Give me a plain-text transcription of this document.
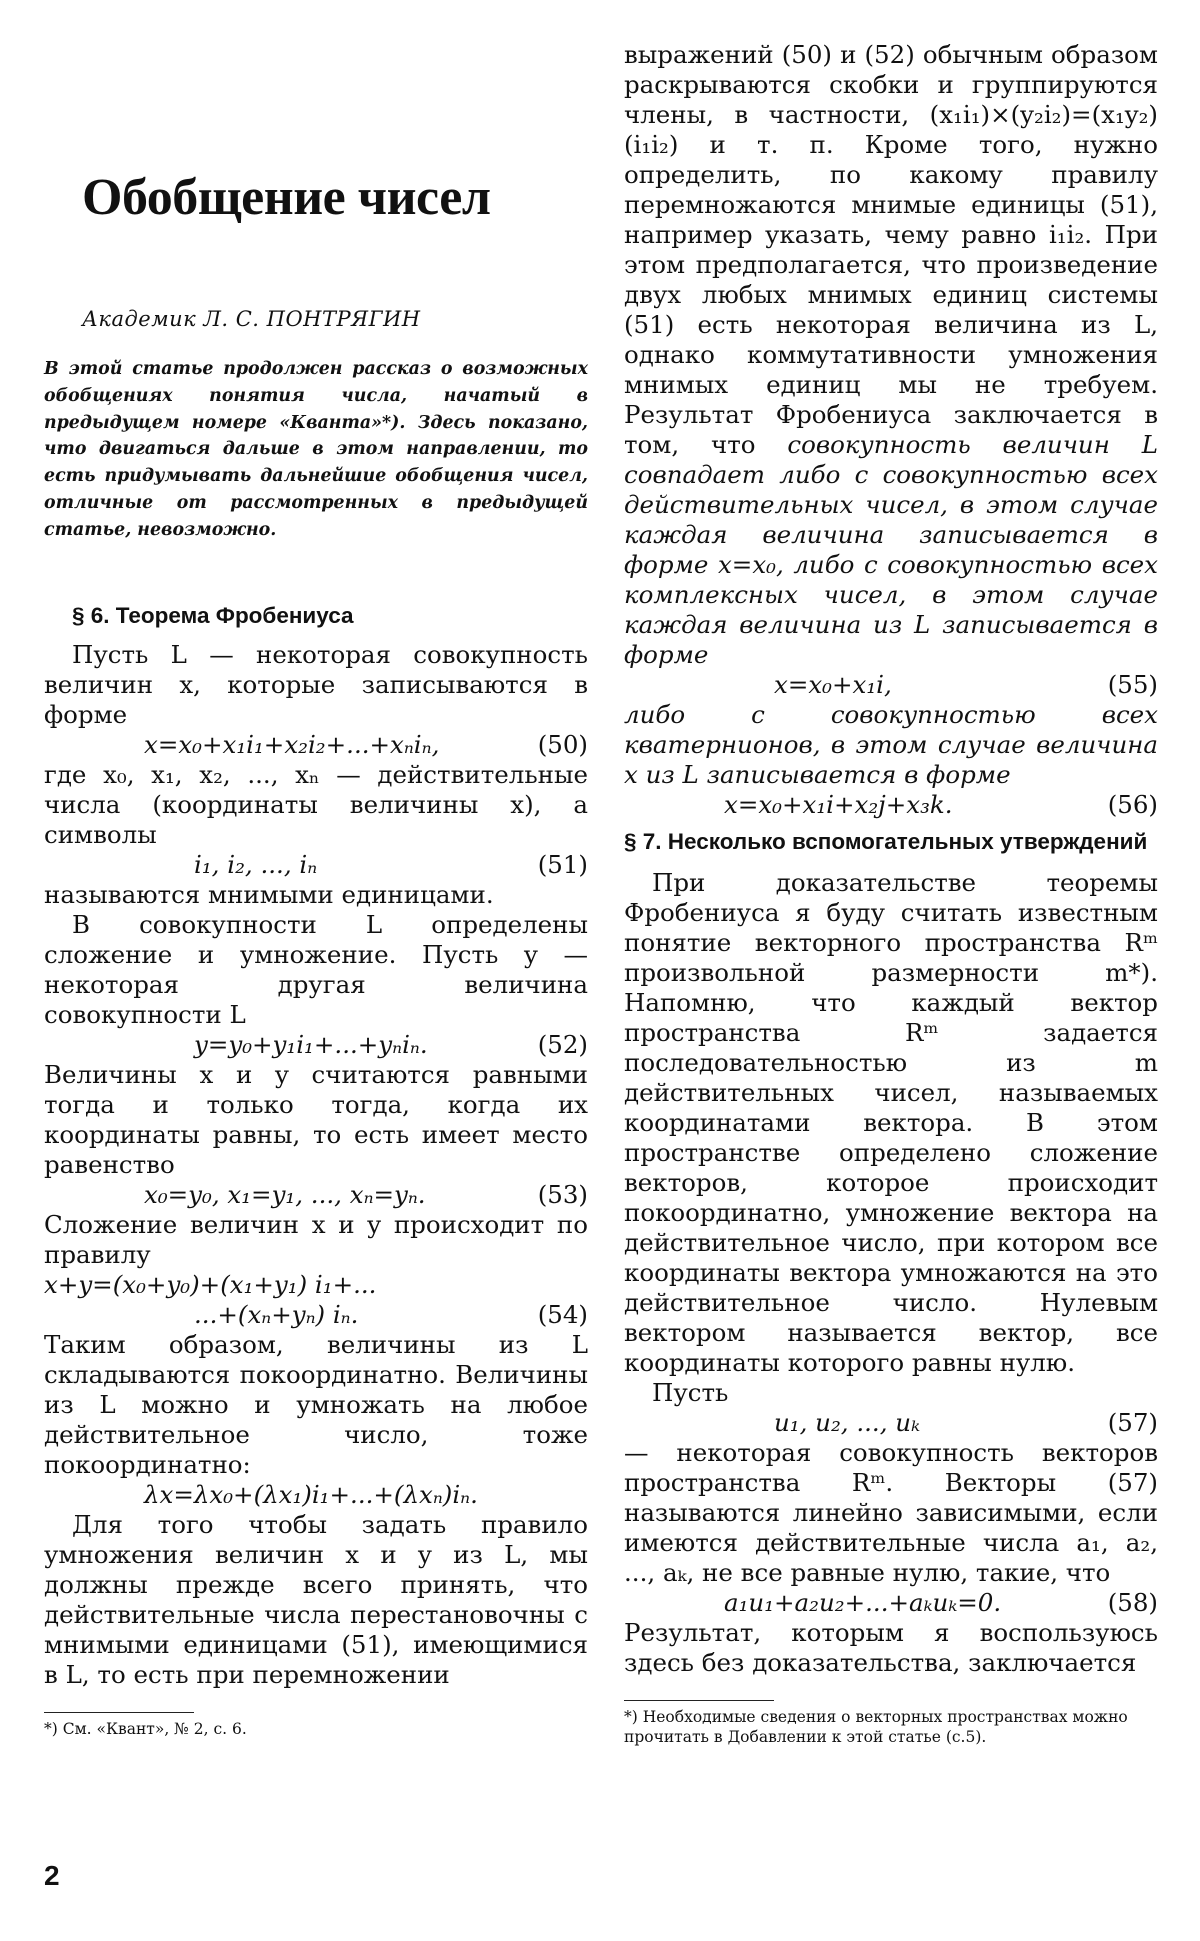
Обобщение чисел
Академик Л. С. ПОНТРЯГИН
В этой статье продолжен рассказ о возможных обобщениях понятия числа, начатый в предыдущем номере «Кванта»*). Здесь показано, что двигаться дальше в этом направлении, то есть придумывать дальнейшие обобщения чисел, отличные от рассмотренных в предыдущей статье, невозможно.
§ 6. Теорема Фробениуса

Пусть L — некоторая совокупность величин x, которые записываются в форме

x=x₀+x₁i₁+x₂i₂+...+xₙiₙ,	(50)

где x₀, x₁, x₂, ..., xₙ — действительные числа (координаты величины x), а символы

i₁, i₂, ..., iₙ	(51)

называются мнимыми единицами.

В совокупности L определены сложение и умножение. Пусть y — некоторая другая величина совокупности L

y=y₀+y₁i₁+...+yₙiₙ.	(52)

Величины x и y считаются равными тогда и только тогда, когда их координаты равны, то есть имеет место равенство

x₀=y₀, x₁=y₁, ..., xₙ=yₙ.	(53)

Сложение величин x и y происходит по правилу

x+y=(x₀+y₀)+(x₁+y₁) i₁+...
...+(xₙ+yₙ) iₙ.	(54)

Таким образом, величины из L складываются покоординатно. Величины из L можно и умножать на любое действительное число, тоже покоординатно:

λx=λx₀+(λx₁)i₁+...+(λxₙ)iₙ.

Для того чтобы задать правило умножения величин x и y из L, мы должны прежде всего принять, что действительные числа перестановочны с мнимыми единицами (51), имеющимися в L, то есть при перемножении

*) См. «Квант», № 2, с. 6.

выражений (50) и (52) обычным образом раскрываются скобки и группируются члены, в частности, (x₁i₁)×(y₂i₂)=(x₁y₂)(i₁i₂) и т. п. Кроме того, нужно определить, по какому правилу перемножаются мнимые единицы (51), например указать, чему равно i₁i₂. При этом предполагается, что произведение двух любых мнимых единиц системы (51) есть некоторая величина из L, однако коммутативности умножения мнимых единиц мы не требуем. Результат Фробениуса заключается в том, что совокупность величин L совпадает либо с совокупностью всех действительных чисел, в этом случае каждая величина записывается в форме x=x₀, либо с совокупностью всех комплексных чисел, в этом случае каждая величина из L записывается в форме

x=x₀+x₁i,	(55)

либо с совокупностью всех кватернионов, в этом случае величина x из L записывается в форме

x=x₀+x₁i+x₂j+x₃k.	(56)
§ 7. Несколько вспомогательных утверждений

При доказательстве теоремы Фробениуса я буду считать известным понятие векторного пространства Rᵐ произвольной размерности m*). Напомню, что каждый вектор пространства Rᵐ задается последовательностью из m действительных чисел, называемых координатами вектора. В этом пространстве определено сложение векторов, которое происходит покоординатно, умножение вектора на действительное число, при котором все координаты вектора умножаются на это действительное число. Нулевым вектором называется вектор, все координаты которого равны нулю.

Пусть

u₁, u₂, ..., uₖ	(57)

— некоторая совокупность векторов пространства Rᵐ. Векторы (57) называются линейно зависимыми, если имеются действительные числа a₁, a₂, ..., aₖ, не все равные нулю, такие, что

a₁u₁+a₂u₂+...+aₖuₖ=0.	(58)

Результат, которым я воспользуюсь здесь без доказательства, заключается

*) Необходимые сведения о векторных пространствах можно прочитать в Добавлении к этой статье (с.5).
2
